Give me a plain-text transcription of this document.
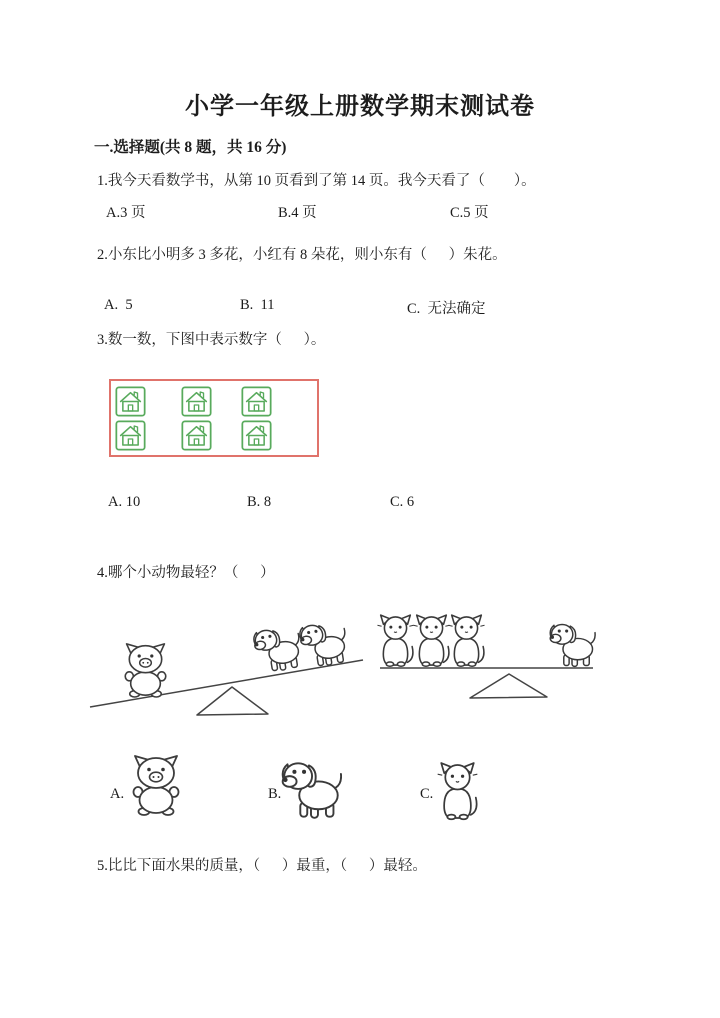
小学一年级上册数学期末测试卷
一.选择题(共 8 题，共 16 分)
1.我今天看数学书，从第 10 页看到了第 14 页。我今天看了（        ）。
A.3 页	B.4 页	C.5 页
2.小东比小明多 3 多花，小红有 8 朵花，则小东有（      ）朱花。
A.  5	B.  11	C.  无法确定
3.数一数，下图中表示数字（      ）。
A. 10	B. 8	C. 6
4.哪个小动物最轻？（      ）
A.	B.	C.
5.比比下面水果的质量，（      ）最重，（      ）最轻。
